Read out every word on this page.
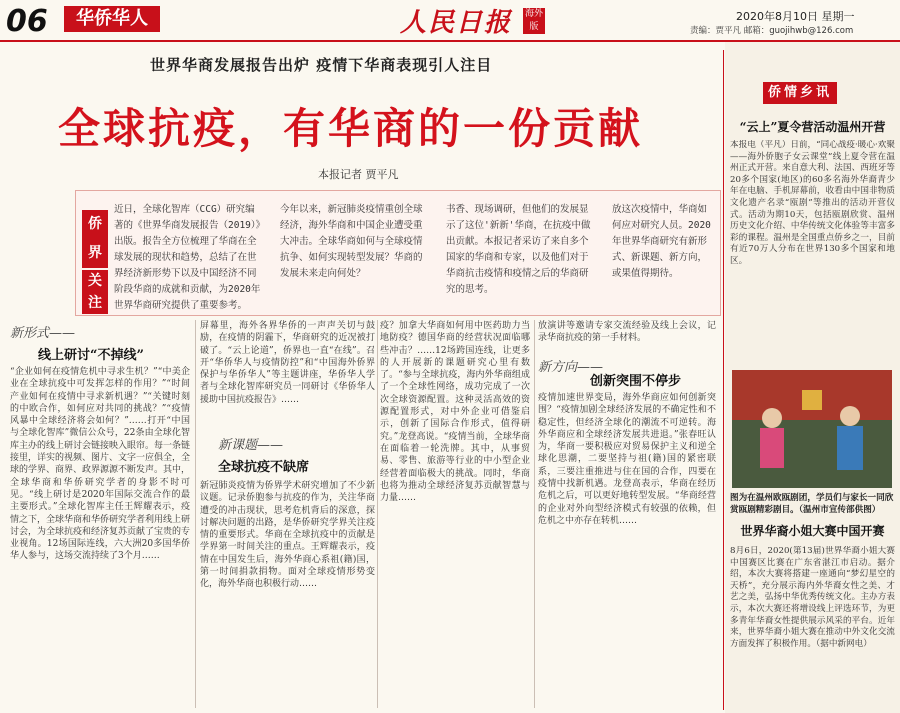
06	华侨华人	人民日报 海外版
2020年8月10日 星期一
责编：贾平凡 邮箱：guojihwb@126.com
世界华商发展报告出炉 疫情下华商表现引人注目
全球抗疫，有华商的一份贡献
本报记者 贾平凡
侨界
关注
近日，全球化智库（CCG）研究编著的《世界华商发展报告（2019）》出版。报告全方位梳理了华商在全球发展的现状和趋势，总结了在世界经济新形势下以及中国经济不同阶段华商的成就和贡献，为2020年世界华商研究提供了重要参考。
今年以来，新冠肺炎疫情重创全球经济，海外华商和中国企业遭受重大冲击。全球华商如何与全球疫情抗争、如何实现转型发展？华商的发展未来走向何处？
书香、现场调研，但他们的发展显示了这位'新新'华商，在抗疫中做出贡献。本报记者采访了来自多个国家的华商和专家，以及他们对于华商抗击疫情和疫情之后的华商研究的思考。
放这次疫情中，华商如何应对研究人员。2020年世界华商研究有新形式、新课题、新方向，或果值得期待。
新形式——
线上研讨“不掉线”
“企业如何在疫情危机中寻求生机？”“中美企业在全球抗疫中可发挥怎样的作用？”“时间产业如何在疫情中寻求新机遇？”“关键时刻的中欧合作，如何应对共同的挑战？”“疫情风暴中全球经济将会如何？”……打开“中国与全球化智库”微信公众号，22条由全球化智库主办的线上研讨会链接映入眼帘。每一条链接里，详实的视频、图片、文字一应俱全，全球的学界、商界、政界源源不断发声。其中，全球华商和华侨研究学者的身影不时可见。“线上研讨是2020年国际交流合作的最主要形式。”全球化智库主任王辉耀表示，疫情之下，全球华商和华侨研究学者利用线上研讨会，为全球抗疫和经济复苏贡献了宝贵的专业视角。12场国际连线，六大洲20多国华侨华人参与，这场交流持续了3个月……
屏幕里，海外各界华侨的一声声关切与鼓励，在疫情的阴霾下，华商研究的近况被打破了。“云上论道”，侨界也一直“在线”。召开“华侨华人与疫情防控”和“中国海外侨界保护与华侨华人”等主题讲座，华侨华人学者与全球化智库研究员一同研讨《华侨华人援助中国抗疫报告》……
新课题——
全球抗疫不缺席
新冠肺炎疫情为侨界学术研究增加了不少新议题。记录侨胞参与抗疫的作为，关注华商遭受的冲击现状，思考危机背后的深意，探讨解决问题的出路，是华侨研究学界关注疫情的重要形式。华商在全球抗疫中的贡献是学界第一时间关注的重点。王辉耀表示，疫情在中国发生后，海外华商心系祖(籍)国，第一时间捐款捐物。面对全球疫情形势变化，海外华商也积极行动……
疫？加拿大华商如何用中医药助力当地防疫？德国华商的经营状况面临哪些冲击？……12场跨国连线，让更多的人开展新的课题研究心里有数了。“参与全球抗疫，海内外华商组成了一个全球性网络，成功完成了一次次全球资源配置。这种灵活高效的资源配置形式，对中外企业可借鉴启示，创新了国际合作形式，值得研究。”龙登高说。“疫情当前，全球华商在面临着一轮洗牌。其中，从事贸易、零售、旅游等行业的中小型企业经营着面临极大的挑战。同时，华商也将为推动全球经济复苏贡献智慧与力量……
放演讲等邀请专家交流经验及线上会议，记录华商抗疫的第一手材料。
新方向——
创新突围不停步
疫情加速世界变局，海外华商应如何创新突围？“疫情加剧全球经济发展的不确定性和不稳定性，但经济全球化的潮流不可逆转。海外华商应和全球经济发展共进退。”张春旺认为，华商一要积极应对贸易保护主义和逆全球化思潮，二要坚持与祖(籍)国的紧密联系，三要注重推进与住在国的合作，四要在疫情中找新机遇。龙登高表示，华商在经历危机之后，可以更好地转型发展。“华商经营的企业对外向型经济模式有较强的依赖，但危机之中亦存在转机……
侨情乡讯
“云上”夏令营活动温州开营
本报电（平凡）日前，“同心战疫·暖心·欢聚——海外侨胞子女云课堂”线上夏令营在温州正式开营。来自意大利、法国、西班牙等20多个国家(地区)的60多名海外华裔青少年在电脑、手机屏幕前，收看由中国非物质文化遗产名录“瓯剧”等推出的活动开营仪式。活动为期10天，包括瓯剧欣赏、温州历史文化介绍、中华传统文化体验等丰富多彩的课程。温州是全国重点侨乡之一，目前有近70万人分布在世界130多个国家和地区。
图为在温州欧瓯剧团，学员们与家长一同欣赏瓯剧精彩剧目。（温州市宣传部供图）
世界华裔小姐大赛中国开赛
8月6日，2020(第13届)世界华裔小姐大赛中国赛区比赛在广东省湛江市启动。据介绍，本次大赛将搭建一座通向“梦幻星空的天桥”，充分展示海内外华裔女性之美、才艺之美，弘扬中华优秀传统文化。主办方表示，本次大赛还将增设线上评选环节，为更多青年华裔女性提供展示风采的平台。近年来，世界华裔小姐大赛在推动中外文化交流方面发挥了积极作用。（据中新网电）
